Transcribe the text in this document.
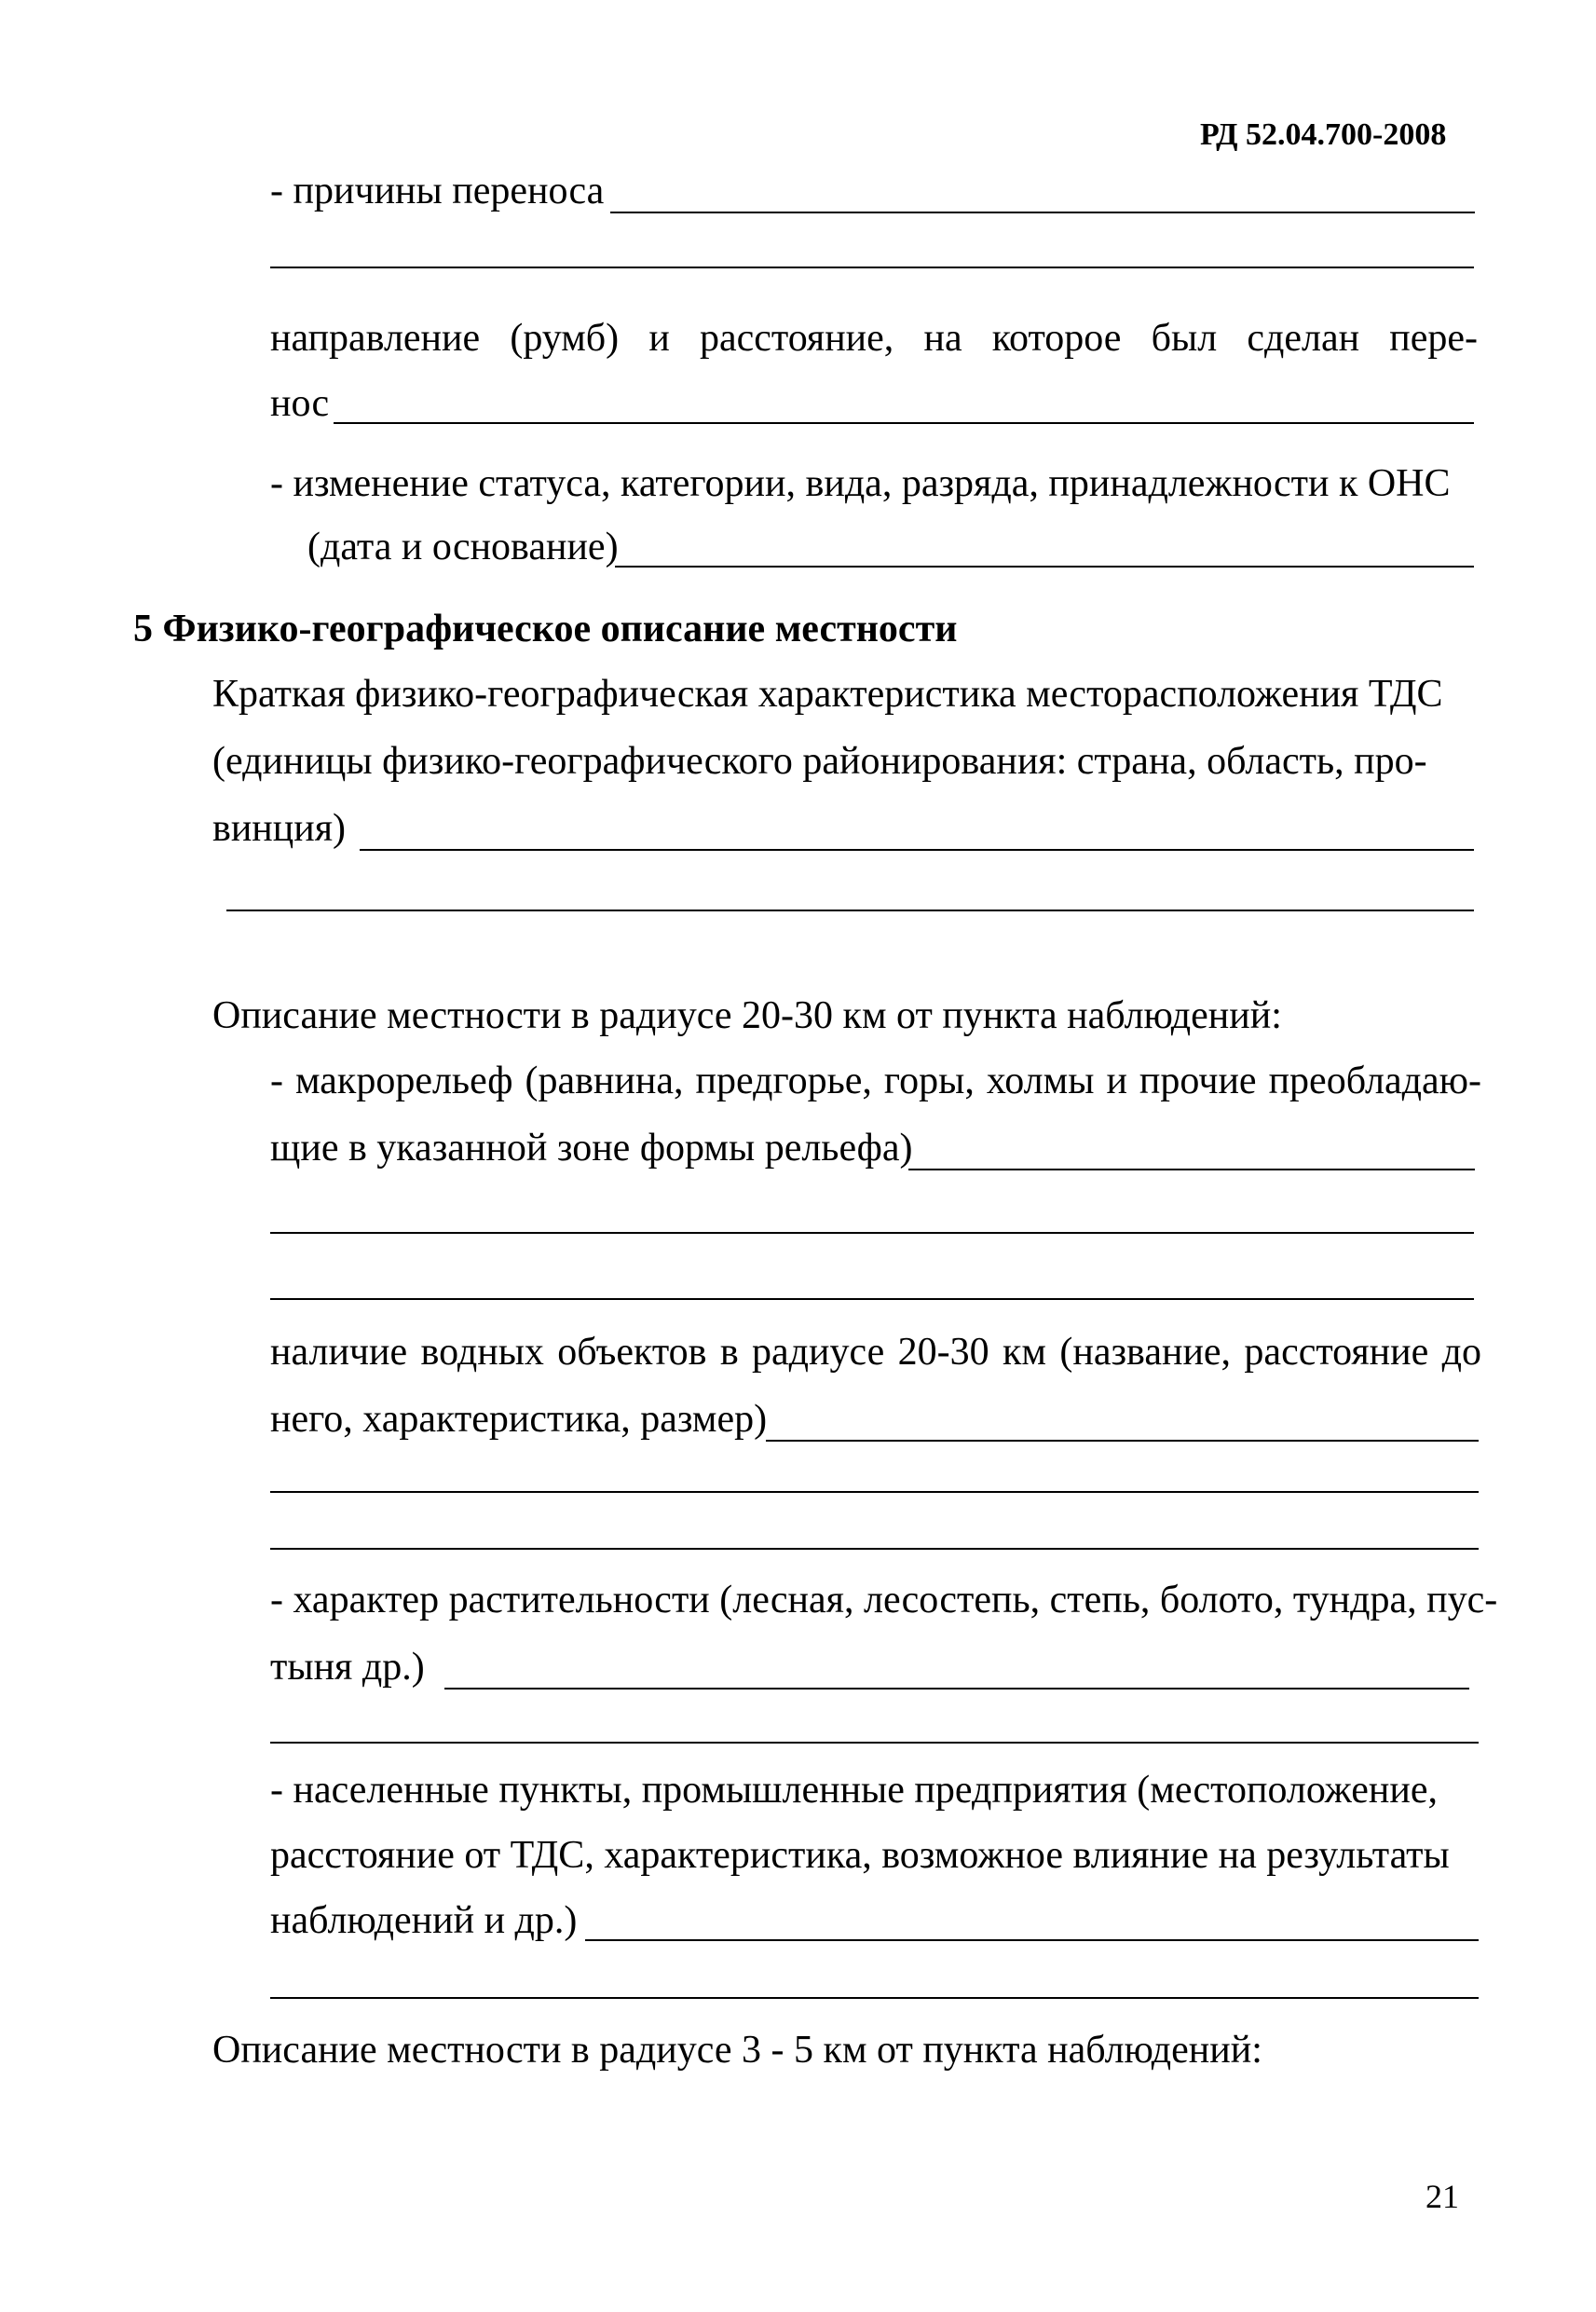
РД 52.04.700-2008
- причины переноса
направление (румб) и расстояние, на которое был сделан пере-
нос
- изменение статуса, категории, вида, разряда, принадлежности к ОНС
(дата и основание)
5 Физико-географическое описание местности
Краткая физико-географическая характеристика месторасположения ТДС
(единицы физико-географического районирования: страна, область, про-
винция)
Описание местности в радиусе 20-30 км от пункта наблюдений:
- макрорельеф (равнина, предгорье, горы, холмы и прочие преобладаю-
щие в указанной зоне формы рельефа)
наличие водных объектов в радиусе 20-30 км (название, расстояние до
него, характеристика, размер)
- характер растительности (лесная, лесостепь, степь, болото, тундра, пус-
тыня др.)
- населенные пункты, промышленные предприятия (местоположение,
расстояние от ТДС, характеристика, возможное влияние на результаты
наблюдений и др.)
Описание местности в радиусе 3 - 5 км от пункта наблюдений:
21
